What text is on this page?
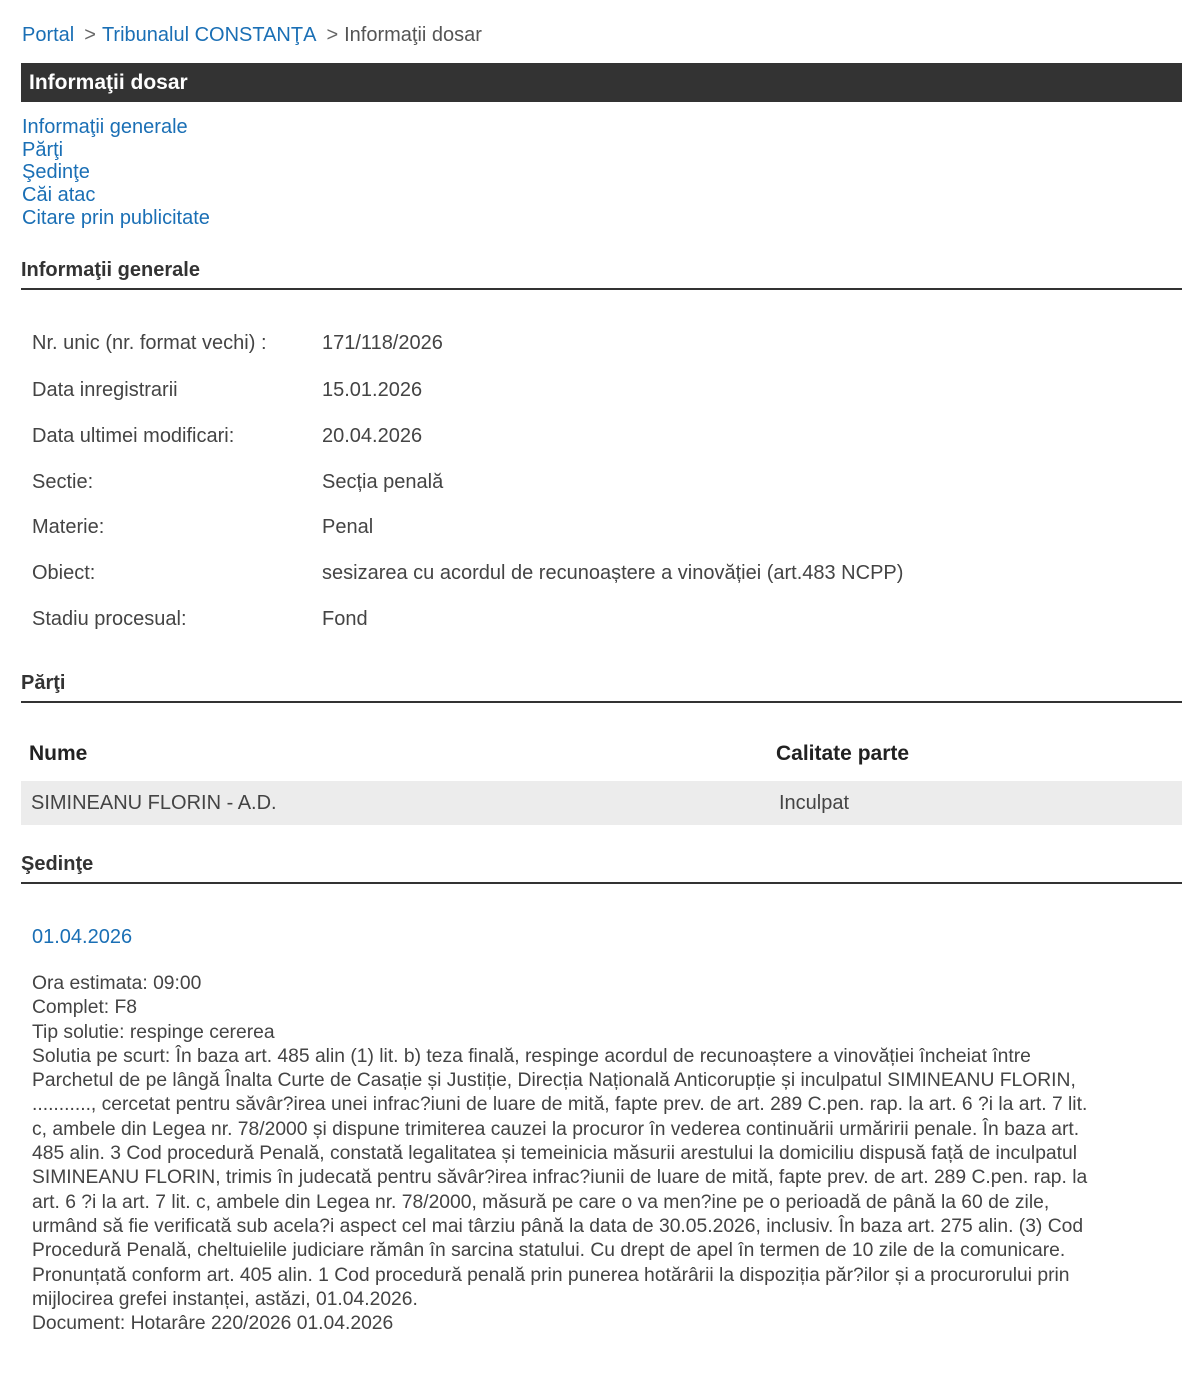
Portal > Tribunalul CONSTANŢA > Informaţii dosar
Informaţii dosar
Informaţii generale
Părţi
Şedinţe
Căi atac
Citare prin publicitate
Informaţii generale
Nr. unic (nr. format vechi) :	171/118/2026
Data inregistrarii	15.01.2026
Data ultimei modificari:	20.04.2026
Sectie:	Secția penală
Materie:	Penal
Obiect:	sesizarea cu acordul de recunoaștere a vinovăției (art.483 NCPP)
Stadiu procesual:	Fond
Părţi
Nume	Calitate parte
SIMINEANU FLORIN - A.D.	Inculpat
Şedinţe
01.04.2026
Ora estimata: 09:00
Complet: F8
Tip solutie: respinge cererea
Solutia pe scurt: În baza art. 485 alin (1) lit. b) teza finală, respinge acordul de recunoaștere a vinovăției încheiat între
Parchetul de pe lângă Înalta Curte de Casație și Justiție, Direcția Națională Anticorupție și inculpatul SIMINEANU FLORIN,
..........., cercetat pentru săvâr?irea unei infrac?iuni de luare de mită, fapte prev. de art. 289 C.pen. rap. la art. 6 ?i la art. 7 lit.
c, ambele din Legea nr. 78/2000 și dispune trimiterea cauzei la procuror în vederea continuării urmăririi penale. În baza art.
485 alin. 3 Cod procedură Penală, constată legalitatea și temeinicia măsurii arestului la domiciliu dispusă față de inculpatul
SIMINEANU FLORIN, trimis în judecată pentru săvâr?irea infrac?iunii de luare de mită, fapte prev. de art. 289 C.pen. rap. la
art. 6 ?i la art. 7 lit. c, ambele din Legea nr. 78/2000, măsură pe care o va men?ine pe o perioadă de până la 60 de zile,
urmând să fie verificată sub acela?i aspect cel mai târziu până la data de 30.05.2026, inclusiv. În baza art. 275 alin. (3) Cod
Procedură Penală, cheltuielile judiciare rămân în sarcina statului. Cu drept de apel în termen de 10 zile de la comunicare.
Pronunțată conform art. 405 alin. 1 Cod procedură penală prin punerea hotărârii la dispoziția păr?ilor și a procurorului prin
mijlocirea grefei instanței, astăzi, 01.04.2026.
Document: Hotarâre 220/2026 01.04.2026
